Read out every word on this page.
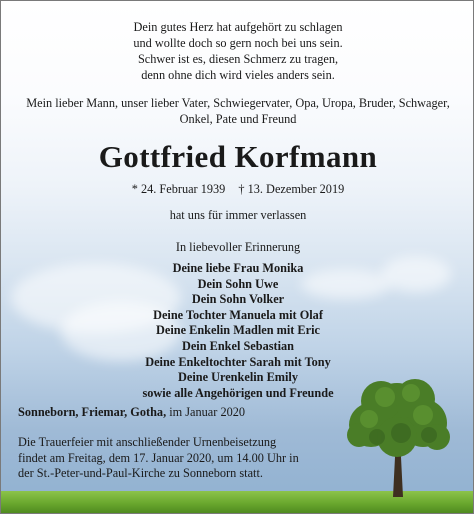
Dein gutes Herz hat aufgehört zu schlagen
und wollte doch so gern noch bei uns sein.
Schwer ist es, diesen Schmerz zu tragen,
denn ohne dich wird vieles anders sein.
Mein lieber Mann, unser lieber Vater, Schwiegervater, Opa, Uropa, Bruder, Schwager,
Onkel, Pate und Freund
Gottfried Korfmann
* 24. Februar 1939 † 13. Dezember 2019
hat uns für immer verlassen
In liebevoller Erinnerung
Deine liebe Frau Monika
Dein Sohn Uwe
Dein Sohn Volker
Deine Tochter Manuela mit Olaf
Deine Enkelin Madlen mit Eric
Dein Enkel Sebastian
Deine Enkeltochter Sarah mit Tony
Deine Urenkelin Emily
sowie alle Angehörigen und Freunde
Sonneborn, Friemar, Gotha, im Januar 2020
Die Trauerfeier mit anschließender Urnenbeisetzung
findet am Freitag, dem 17. Januar 2020, um 14.00 Uhr in
der St.-Peter-und-Paul-Kirche zu Sonneborn statt.
